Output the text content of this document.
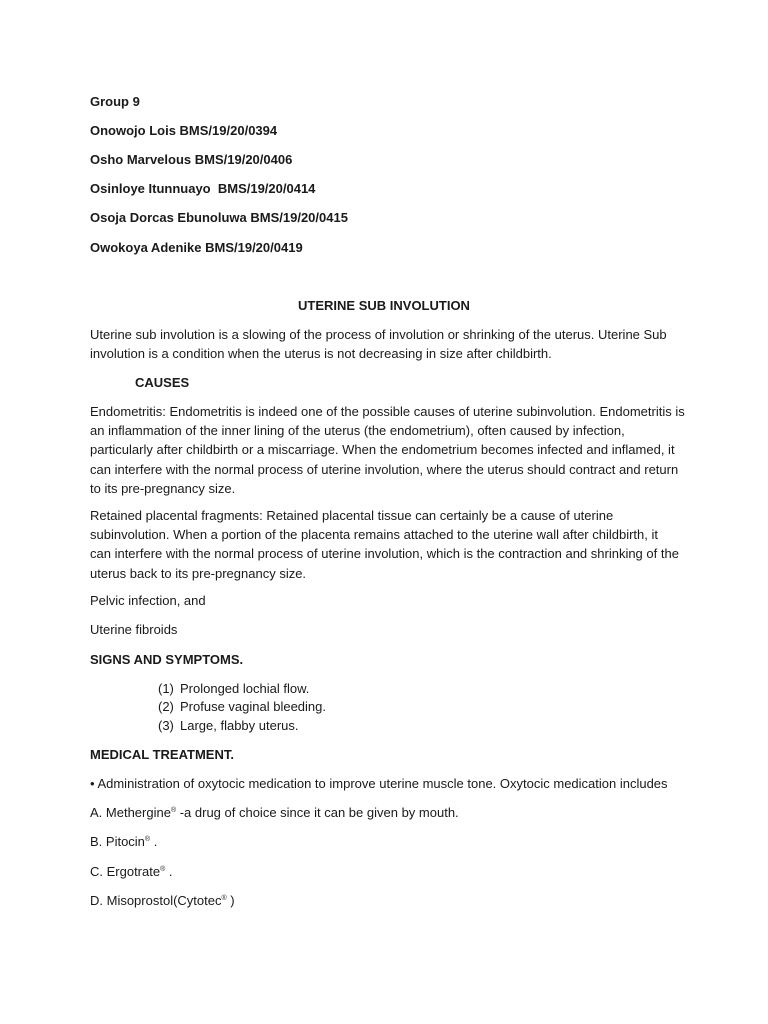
Group 9

Onowojo Lois BMS/19/20/0394

Osho Marvelous BMS/19/20/0406

Osinloye Itunnuayo  BMS/19/20/0414

Osoja Dorcas Ebunoluwa BMS/19/20/0415

Owokoya Adenike BMS/19/20/0419

UTERINE SUB INVOLUTION

Uterine sub involution is a slowing of the process of involution or shrinking of the uterus. Uterine Sub
involution is a condition when the uterus is not decreasing in size after childbirth.

CAUSES

Endometritis: Endometritis is indeed one of the possible causes of uterine subinvolution. Endometritis is
an inflammation of the inner lining of the uterus (the endometrium), often caused by infection,
particularly after childbirth or a miscarriage. When the endometrium becomes infected and inflamed, it
can interfere with the normal process of uterine involution, where the uterus should contract and return
to its pre-pregnancy size.
Retained placental fragments: Retained placental tissue can certainly be a cause of uterine
subinvolution. When a portion of the placenta remains attached to the uterine wall after childbirth, it
can interfere with the normal process of uterine involution, which is the contraction and shrinking of the
uterus back to its pre-pregnancy size.

Pelvic infection, and

Uterine fibroids

SIGNS AND SYMPTOMS.

(1) Prolonged lochial flow.

(2) Profuse vaginal bleeding.

(3) Large, flabby uterus.

MEDICAL TREATMENT.

• Administration of oxytocic medication to improve uterine muscle tone. Oxytocic medication includes

A. Methergine® -a drug of choice since it can be given by mouth.

B. Pitocin® .

C. Ergotrate® .

D. Misoprostol(Cytotec® )
